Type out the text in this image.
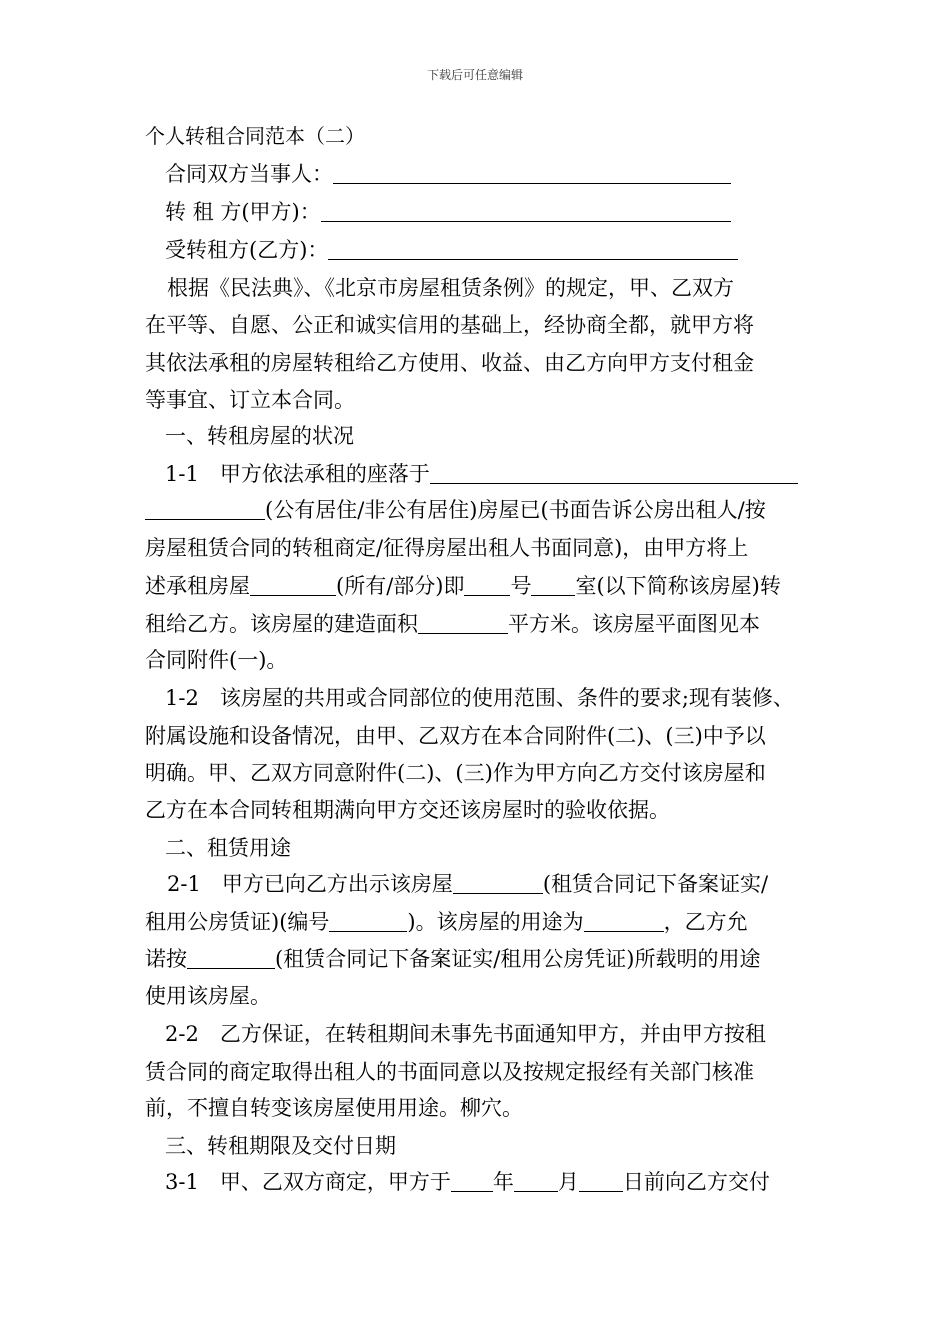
下载后可任意编辑
个人转租合同范本（二）
合同双方当事人：
转 租 方(甲方)：
受转租方(乙方)：
根据《民法典》、《北京市房屋租赁条例》的规定，甲、乙双方
在平等、自愿、公正和诚实信用的基础上，经协商全都，就甲方将
其依法承租的房屋转租给乙方使用、收益、由乙方向甲方支付租金
等事宜、订立本合同。
一、转租房屋的状况
1-1　甲方依法承租的座落于
(公有居住/非公有居住)房屋已(书面告诉公房出租人/按
房屋租赁合同的转租商定/征得房屋出租人书面同意)，由甲方将上
述承租房屋	(所有/部分)即 号 室(以下简称该房屋)转
租给乙方。该房屋的建造面积	平方米。该房屋平面图见本
合同附件(一)。
1-2　该房屋的共用或合同部位的使用范围、条件的要求;现有装修、
附属设施和设备情况，由甲、乙双方在本合同附件(二)、(三)中予以
明确。甲、乙双方同意附件(二)、(三)作为甲方向乙方交付该房屋和
乙方在本合同转租期满向甲方交还该房屋时的验收依据。
二、租赁用途
2-1　甲方已向乙方出示该房屋	(租赁合同记下备案证实/
租用公房赁证)(编号	)。该房屋的用途为	，乙方允
诺按	(租赁合同记下备案证实/租用公房凭证)所载明的用途
使用该房屋。
2-2　乙方保证，在转租期间未事先书面通知甲方，并由甲方按租
赁合同的商定取得出租人的书面同意以及按规定报经有关部门核准
前，不擅自转变该房屋使用用途。柳穴。
三、转租期限及交付日期
3-1　甲、乙双方商定，甲方于 年 月 日前向乙方交付
